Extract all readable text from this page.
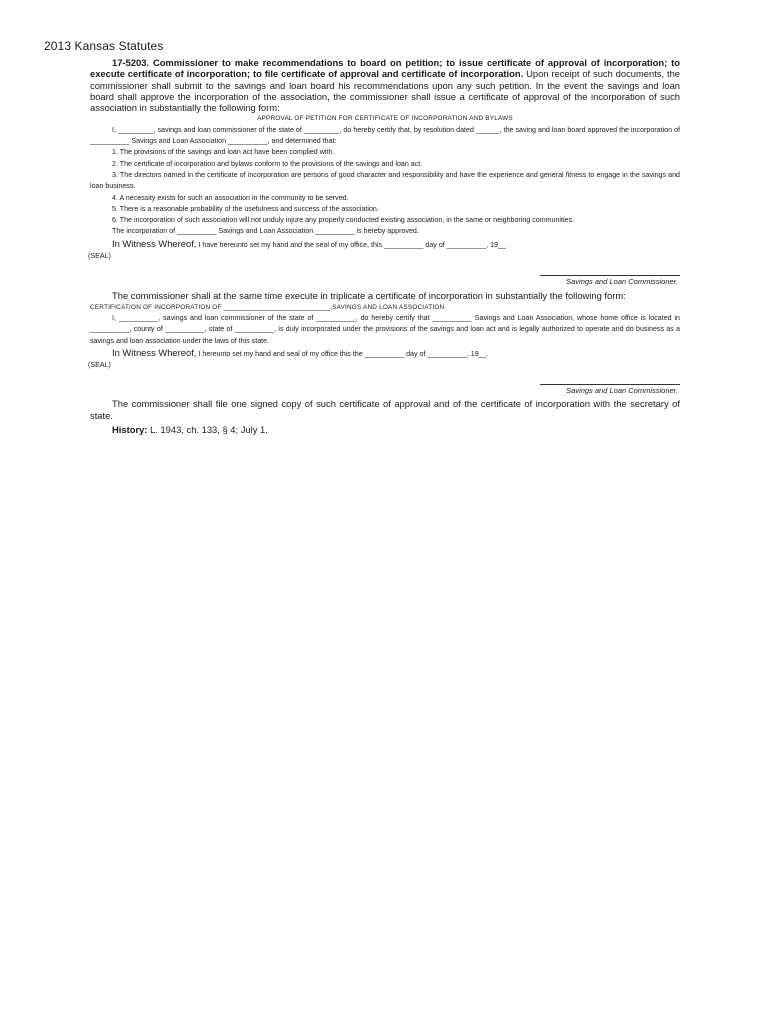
2013 Kansas Statutes

17-5203. Commissioner to make recommendations to board on petition; to issue certificate of approval of incorporation; to execute certificate of incorporation; to file certificate of approval and certificate of incorporation. Upon receipt of such documents, the commissioner shall submit to the savings and loan board his recommendations upon any such petition. In the event the savings and loan board shall approve the incorporation of the association, the commissioner shall issue a certificate of approval of the incorporation of such association in substantially the following form:

APPROVAL OF PETITION FOR CERTIFICATE OF INCORPORATION AND BYLAWS

I, _________, savings and loan commissioner of the state of _________, do hereby certify that, by resolution dated ______, the saving and loan board approved the incorporation of __________ Savings and Loan Association __________, and determined that:

1. The provisions of the savings and loan act have been complied with.

2. The certificate of incorporation and bylaws conform to the provisions of the savings and loan act.

3. The directors named in the certificate of incorporation are persons of good character and responsibility and have the experience and general fitness to engage in the savings and loan business.

4. A necessity exists for such an association in the community to be served.

5. There is a reasonable probability of the usefulness and success of the association.

6. The incorporation of such association will not unduly injure any properly conducted existing association, in the same or neighboring communities.

The incorporation of __________ Savings and Loan Association __________ is hereby approved.

In Witness Whereof, I have hereunto set my hand and the seal of my office, this __________ day of __________, 19__.

(SEAL)

Savings and Loan Commissioner.

The commissioner shall at the same time execute in triplicate a certificate of incorporation in substantially the following form:

CERTIFICATION OF INCORPORATION OF ___________________________,SAVINGS AND LOAN ASSOCIATION

I, __________, savings and loan commissioner of the state of __________, do hereby certify that __________ Savings and Loan Association, whose home office is located in __________, county of __________, state of __________, is duly incorporated under the provisions of the savings and loan act and is legally authorized to operate and do business as a savings and loan association under the laws of this state.

In Witness Whereof, I hereunto set my hand and seal of my office this the __________ day of __________, 19__.

(SEAL)

Savings and Loan Commissioner.

The commissioner shall file one signed copy of such certificate of approval and of the certificate of incorporation with the secretary of state.

History: L. 1943, ch. 133, § 4; July 1.
